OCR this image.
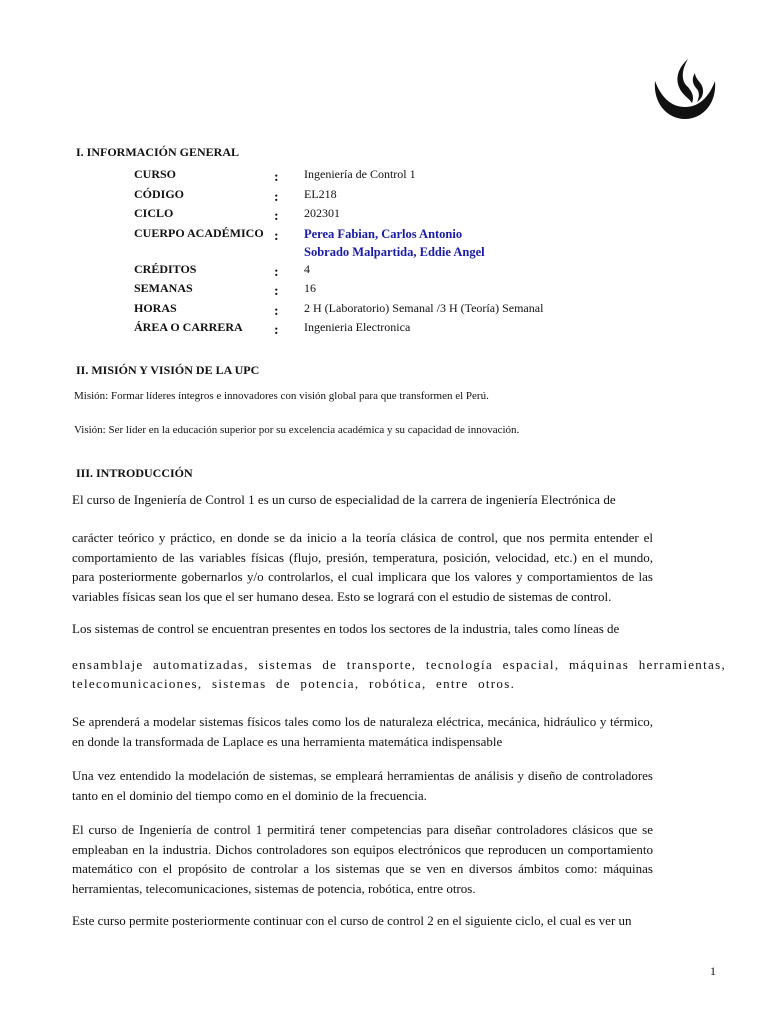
I. INFORMACIÓN GENERAL
CURSO	: Ingeniería de Control 1
CÓDIGO	: EL218
CICLO	: 202301
CUERPO ACADÉMICO : Perea Fabian, Carlos Antonio
Sobrado Malpartida, Eddie Angel
CRÉDITOS	: 4
SEMANAS	: 16
HORAS	: 2 H (Laboratorio) Semanal /3 H (Teoría) Semanal
ÁREA O CARRERA : Ingenieria Electronica
II. MISIÓN Y VISIÓN DE LA UPC
Misión: Formar líderes íntegros e innovadores con visión global para que transformen el Perú.
Visión: Ser líder en la educación superior por su excelencia académica y su capacidad de innovación.
III. INTRODUCCIÓN
El curso de Ingeniería de Control 1 es un curso de especialidad de la carrera de ingeniería Electrónica de
carácter teórico y práctico, en donde se da inicio a la teoría clásica de control, que nos permita entender el comportamiento de las variables físicas (flujo, presión, temperatura, posición, velocidad, etc.) en el mundo, para posteriormente gobernarlos y/o controlarlos, el cual implicara que los valores y comportamientos de las variables físicas sean los que el ser humano desea. Esto se logrará con el estudio de sistemas de control.
Los sistemas de control se encuentran presentes en todos los sectores de la industria, tales como líneas de
ensamblaje automatizadas, sistemas de transporte, tecnología espacial, máquinas herramientas,
telecomunicaciones, sistemas de potencia, robótica, entre otros.
Se aprenderá a modelar sistemas físicos tales como los de naturaleza eléctrica, mecánica, hidráulico y térmico, en donde la transformada de Laplace es una herramienta matemática indispensable
Una vez entendido la modelación de sistemas, se empleará herramientas de análisis y diseño de controladores tanto en el dominio del tiempo como en el dominio de la frecuencia.
El curso de Ingeniería de control 1 permitirá tener competencias para diseñar controladores clásicos que se empleaban en la industria. Dichos controladores son equipos electrónicos que reproducen un comportamiento matemático con el propósito de controlar a los sistemas que se ven en diversos ámbitos como: máquinas herramientas, telecomunicaciones, sistemas de potencia, robótica, entre otros.
Este curso permite posteriormente continuar con el curso de control 2 en el siguiente ciclo, el cual es ver un
1
